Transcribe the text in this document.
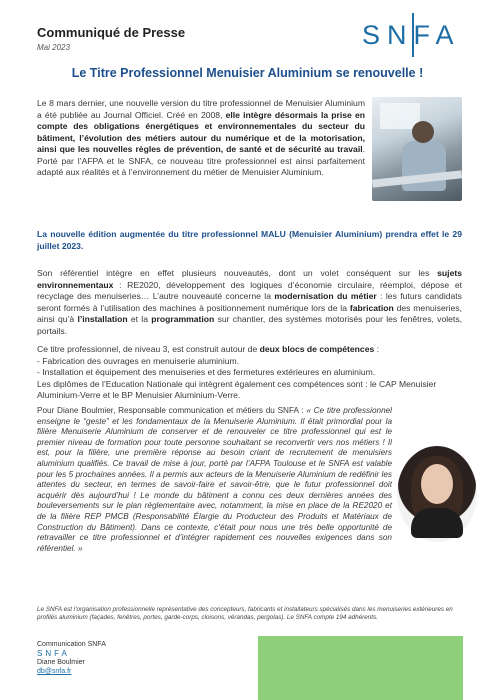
Communiqué de Presse
Mai 2023	SNFA
Le Titre Professionnel Menuisier Aluminium se renouvelle !
Le 8 mars dernier, une nouvelle version du titre professionnel de Menuisier Aluminium a été publiée au Journal Officiel. Créé en 2008, elle intègre désormais la prise en compte des obligations énergétiques et environnementales du secteur du bâtiment, l’évolution des métiers autour du numérique et de la motorisation, ainsi que les nouvelles règles de prévention, de santé et de sécurité au travail. Porté par l’AFPA et le SNFA, ce nouveau titre professionnel est ainsi parfaitement adapté aux réalités et à l’environnement du métier de Menuisier Aluminium.
La nouvelle édition augmentée du titre professionnel MALU (Menuisier Aluminium) prendra effet le 29 juillet 2023.
Son référentiel intègre en effet plusieurs nouveautés, dont un volet conséquent sur les sujets environnementaux : RE2020, développement des logiques d’économie circulaire, réemploi, dépose et recyclage des menuiseries… L’autre nouveauté concerne la modernisation du métier : les futurs candidats seront formés à l’utilisation des machines à positionnement numérique lors de la fabrication des menuiseries, ainsi qu’à l’installation et la programmation sur chantier, des systèmes motorisés pour les fenêtres, volets, portails.
Ce titre professionnel, de niveau 3, est construit autour de deux blocs de compétences :
- Fabrication des ouvrages en menuiserie aluminium.
- Installation et équipement des menuiseries et des fermetures extérieures en aluminium.
Les diplômes de l’Education Nationale qui intègrent également ces compétences sont : le CAP Menuisier Aluminium-Verre et le BP Menuisier Aluminium-Verre.
Pour Diane Boulmier, Responsable communication et métiers du SNFA : « Ce titre professionnel enseigne le “geste” et les fondamentaux de la Menuiserie Aluminium. Il était primordial pour la filière Menuiserie Aluminium de conserver et de renouveler ce titre professionnel qui est le premier niveau de formation pour toute personne souhaitant se reconvertir vers nos métiers ! Il est, pour la filière, une première réponse au besoin criant de recrutement de menuisiers aluminium qualifiés. Ce travail de mise à jour, porté par l’AFPA Toulouse et le SNFA est valable pour les 5 prochaines années. Il a permis aux acteurs de la Menuiserie Aluminium de redéfinir les attentes du secteur, en termes de savoir-faire et savoir-être, que le futur professionnel doit acquérir dès aujourd’hui ! Le monde du bâtiment a connu ces deux dernières années des bouleversements sur le plan réglementaire avec, notamment, la mise en place de la RE2020 et de la filière REP PMCB (Responsabilité Élargie du Producteur des Produits et Matériaux de Construction du Bâtiment). Dans ce contexte, c’était pour nous une très belle opportunité de retravailler ce titre professionnel et d’intégrer rapidement ces nouvelles exigences dans son référentiel. »
Le SNFA est l’organisation professionnelle représentative des concepteurs, fabricants et installateurs spécialisés dans les menuiseries extérieures en profilés aluminium (façades, fenêtres, portes, garde-corps, cloisons, vérandas, pergolas). Le SNFA compte 194 adhérents.
Communication SNFA
SNFA
Diane Boulmier
db@snfa.fr
